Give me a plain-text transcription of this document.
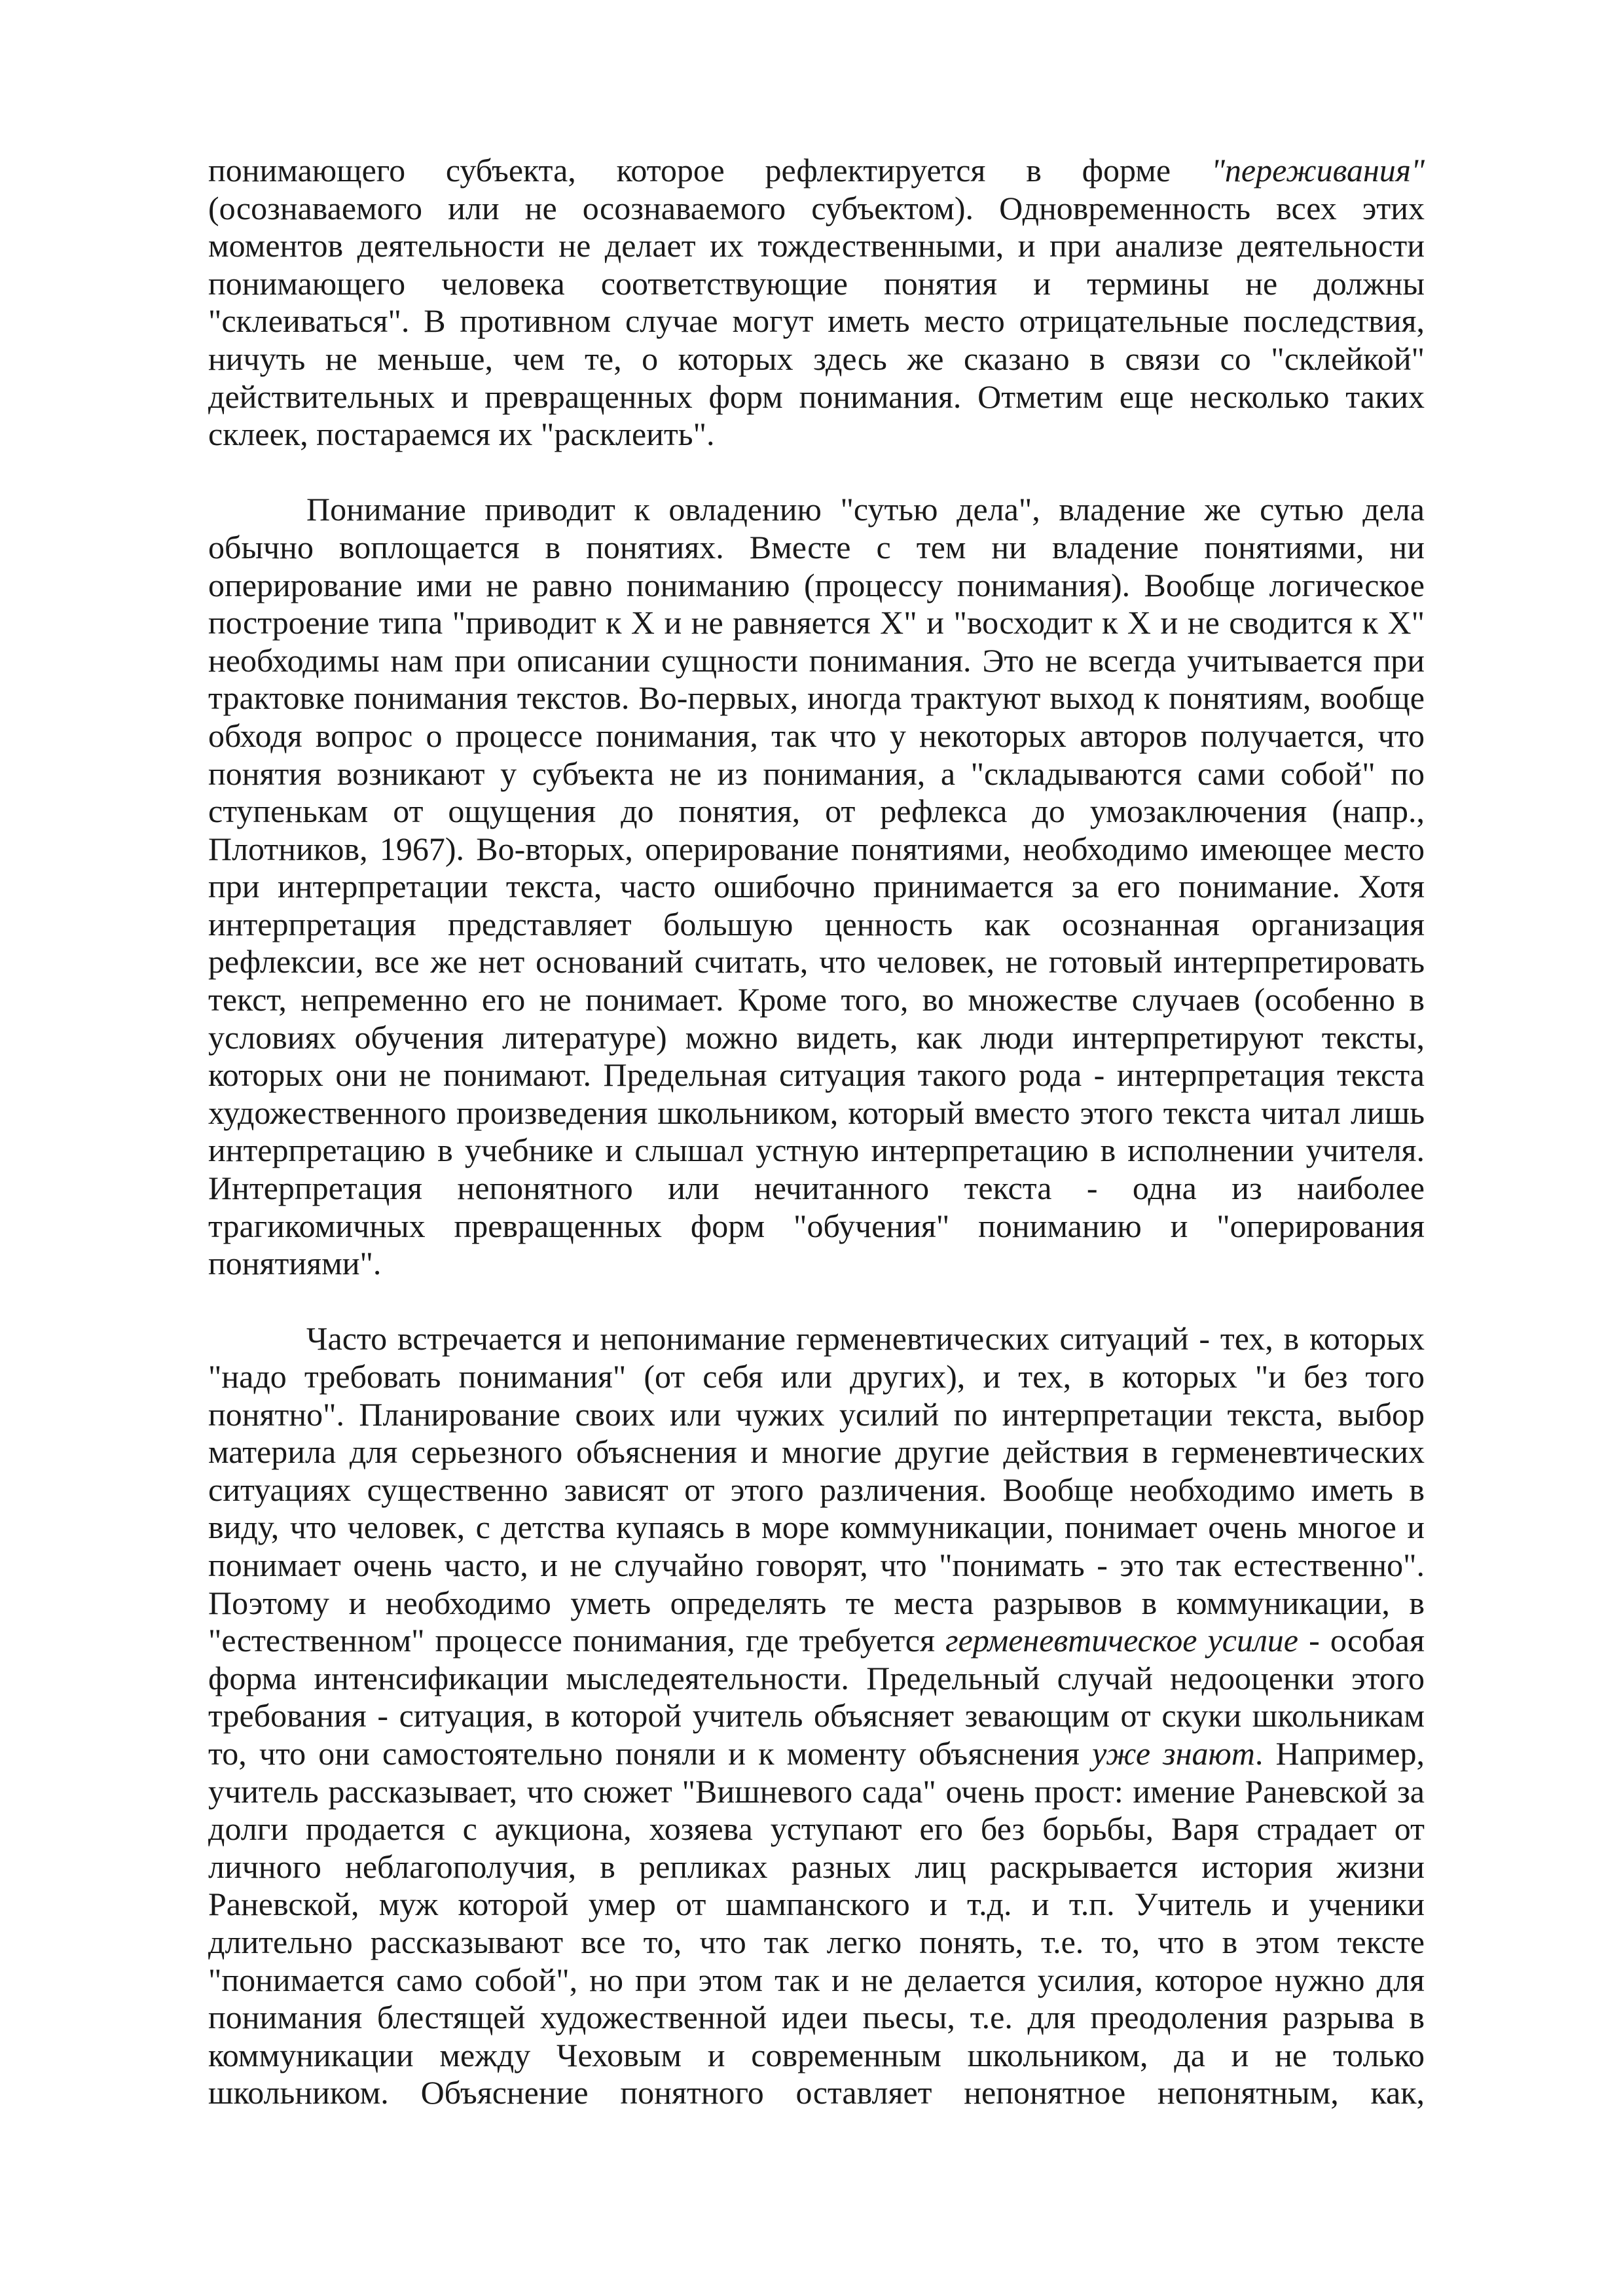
понимающего субъекта, которое рефлектируется в форме "переживания" (осознаваемого или не осознаваемого субъектом). Одновременность всех этих моментов деятельности не делает их тождественными, и при анализе деятельности понимающего человека соответствующие понятия и термины не должны "склеиваться". В противном случае могут иметь место отрицательные последствия, ничуть не меньше, чем те, о которых здесь же сказано в связи со "склейкой" действительных и превращенных форм понимания. Отметим еще несколько таких склеек, постараемся их "расклеить".

Понимание приводит к овладению "сутью дела", владение же сутью дела обычно воплощается в понятиях. Вместе с тем ни владение понятиями, ни оперирование ими не равно пониманию (процессу понимания). Вообще логическое построение типа "приводит к X и не равняется X" и "восходит к X и не сводится к X" необходимы нам при описании сущности понимания. Это не всегда учитывается при трактовке понимания текстов. Во-первых, иногда трактуют выход к понятиям, вообще обходя вопрос о процессе понимания, так что у некоторых авторов получается, что понятия возникают у субъекта не из понимания, а "складываются сами собой" по ступенькам от ощущения до понятия, от рефлекса до умозаключения (напр., Плотников, 1967). Во-вторых, оперирование понятиями, необходимо имеющее место при интерпретации текста, часто ошибочно принимается за его понимание. Хотя интерпретация представляет большую ценность как осознанная организация рефлексии, все же нет оснований считать, что человек, не готовый интерпретировать текст, непременно его не понимает. Кроме того, во множестве случаев (особенно в условиях обучения литературе) можно видеть, как люди интерпретируют тексты, которых они не понимают. Предельная ситуация такого рода - интерпретация текста художественного произведения школьником, который вместо этого текста читал лишь интерпретацию в учебнике и слышал устную интерпретацию в исполнении учителя. Интерпретация непонятного или нечитанного текста - одна из наиболее трагикомичных превращенных форм "обучения" пониманию и "оперирования понятиями".

Часто встречается и непонимание герменевтических ситуаций - тех, в которых "надо требовать понимания" (от себя или других), и тех, в которых "и без того понятно". Планирование своих или чужих усилий по интерпретации текста, выбор материла для серьезного объяснения и многие другие действия в герменевтических ситуациях существенно зависят от этого различения. Вообще необходимо иметь в виду, что человек, с детства купаясь в море коммуникации, понимает очень многое и понимает очень часто, и не случайно говорят, что "понимать - это так естественно". Поэтому и необходимо уметь определять те места разрывов в коммуникации, в "естественном" процессе понимания, где требуется герменевтическое усилие - особая форма интенсификации мыследеятельности. Предельный случай недооценки этого требования - ситуация, в которой учитель объясняет зевающим от скуки школьникам то, что они самостоятельно поняли и к моменту объяснения уже знают. Например, учитель рассказывает, что сюжет "Вишневого сада" очень прост: имение Раневской за долги продается с аукциона, хозяева уступают его без борьбы, Варя страдает от личного неблагополучия, в репликах разных лиц раскрывается история жизни Раневской, муж которой умер от шампанского и т.д. и т.п. Учитель и ученики длительно рассказывают все то, что так легко понять, т.е. то, что в этом тексте "понимается само собой", но при этом так и не делается усилия, которое нужно для понимания блестящей художественной идеи пьесы, т.е. для преодоления разрыва в коммуникации между Чеховым и современным школьником, да и не только школьником. Объяснение понятного оставляет непонятное непонятным, как,
